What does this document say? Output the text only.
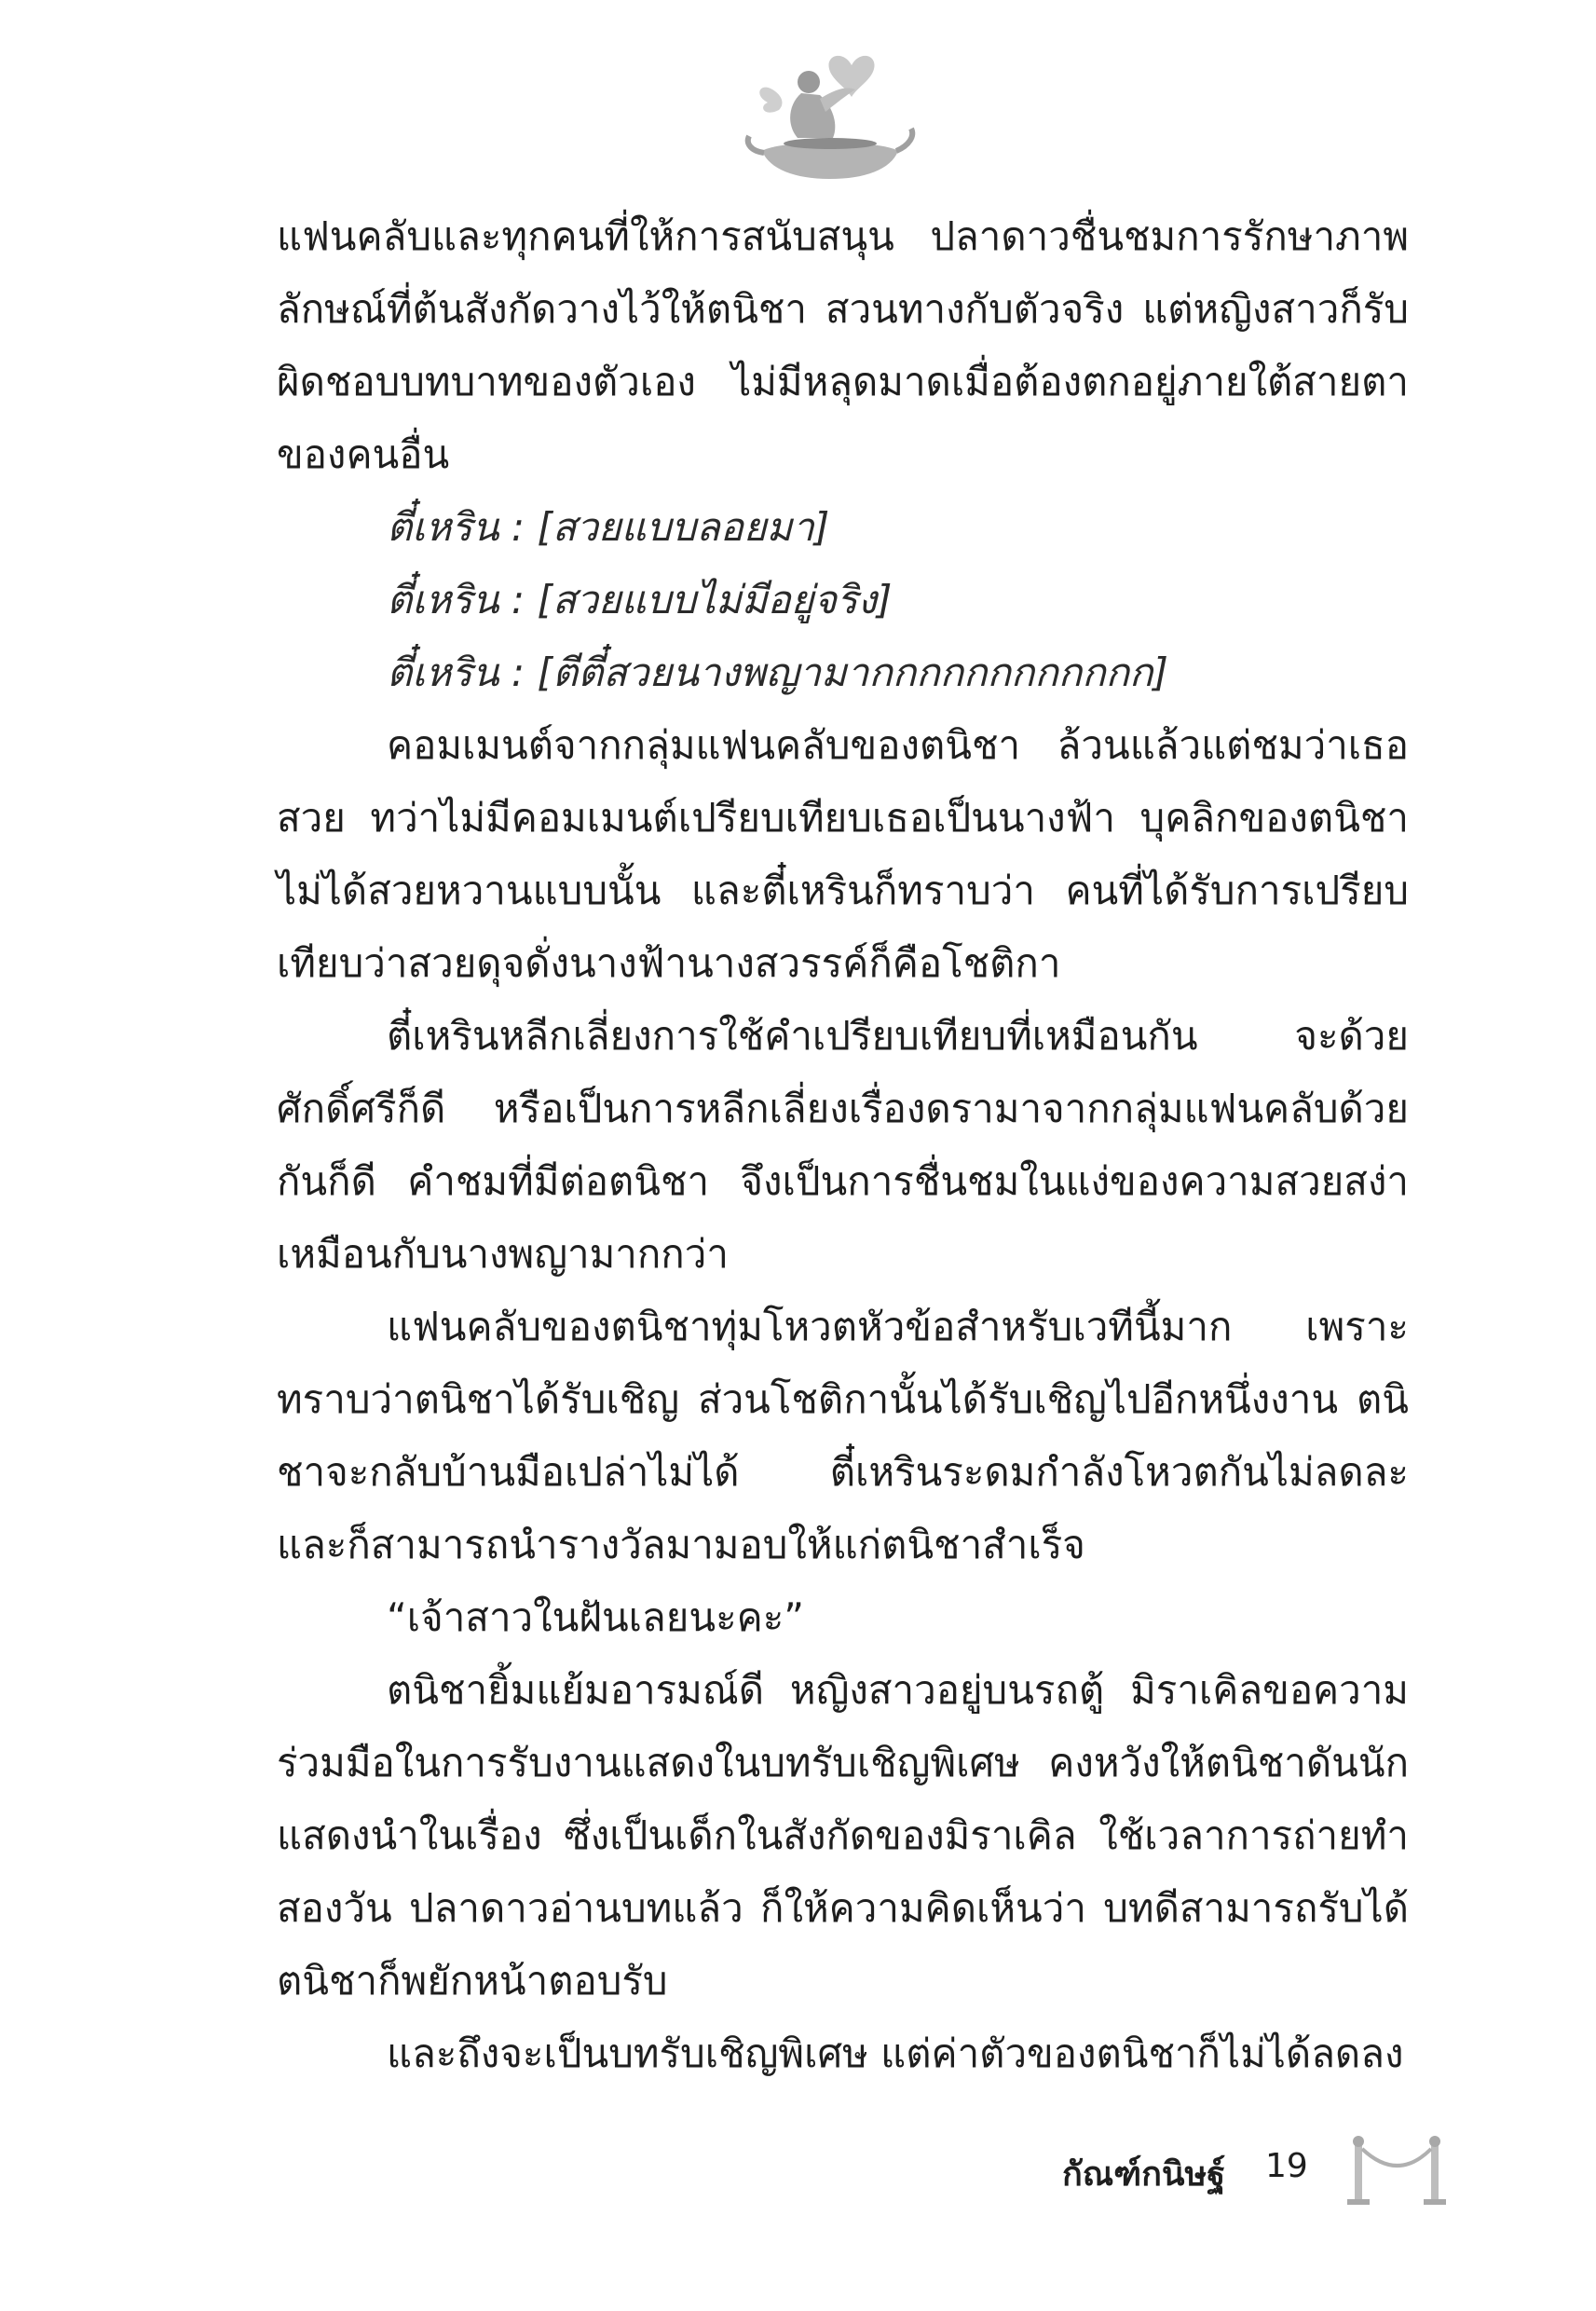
แฟนคลับและทุกคนที่ให้การสนับสนุน ปลาดาวชื่นชมการรักษาภาพลักษณ์ที่ต้นสังกัดวางไว้ให้ตนิชา สวนทางกับตัวจริง แต่หญิงสาวก็รับผิดชอบบทบาทของตัวเอง ไม่มีหลุดมาดเมื่อต้องตกอยู่ภายใต้สายตาของคนอื่น

ตี๋เหริน : [สวยแบบลอยมา]

ตี๋เหริน : [สวยแบบไม่มีอยู่จริง]

ตี๋เหริน : [ตีตี๋สวยนางพญามากกกกกกกกกกกก]

คอมเมนต์จากกลุ่มแฟนคลับของตนิชา ล้วนแล้วแต่ชมว่าเธอสวย ทว่าไม่มีคอมเมนต์เปรียบเทียบเธอเป็นนางฟ้า บุคลิกของตนิชาไม่ได้สวยหวานแบบนั้น และตี๋เหรินก็ทราบว่า คนที่ได้รับการเปรียบเทียบว่าสวยดุจดั่งนางฟ้านางสวรรค์ก็คือโชติกา

ตี๋เหรินหลีกเลี่ยงการใช้คำเปรียบเทียบที่เหมือนกัน จะด้วยศักดิ์ศรีก็ดี หรือเป็นการหลีกเลี่ยงเรื่องดรามาจากกลุ่มแฟนคลับด้วยกันก็ดี คำชมที่มีต่อตนิชา จึงเป็นการชื่นชมในแง่ของความสวยสง่าเหมือนกับนางพญามากกว่า

แฟนคลับของตนิชาทุ่มโหวตหัวข้อสำหรับเวทีนี้มาก เพราะทราบว่าตนิชาได้รับเชิญ ส่วนโชติกานั้นได้รับเชิญไปอีกหนึ่งงาน ตนิชาจะกลับบ้านมือเปล่าไม่ได้ ตี๋เหรินระดมกำลังโหวตกันไม่ลดละ และก็สามารถนำรางวัลมามอบให้แก่ตนิชาสำเร็จ

“เจ้าสาวในฝันเลยนะคะ”

ตนิชายิ้มแย้มอารมณ์ดี หญิงสาวอยู่บนรถตู้ มิราเคิลขอความร่วมมือในการรับงานแสดงในบทรับเชิญพิเศษ คงหวังให้ตนิชาดันนักแสดงนำในเรื่อง ซึ่งเป็นเด็กในสังกัดของมิราเคิล ใช้เวลาการถ่ายทำสองวัน ปลาดาวอ่านบทแล้ว ก็ให้ความคิดเห็นว่า บทดีสามารถรับได้ ตนิชาก็พยักหน้าตอบรับ

และถึงจะเป็นบทรับเชิญพิเศษ แต่ค่าตัวของตนิชาก็ไม่ได้ลดลง

กัณฑ์กนิษฐ์ 19
